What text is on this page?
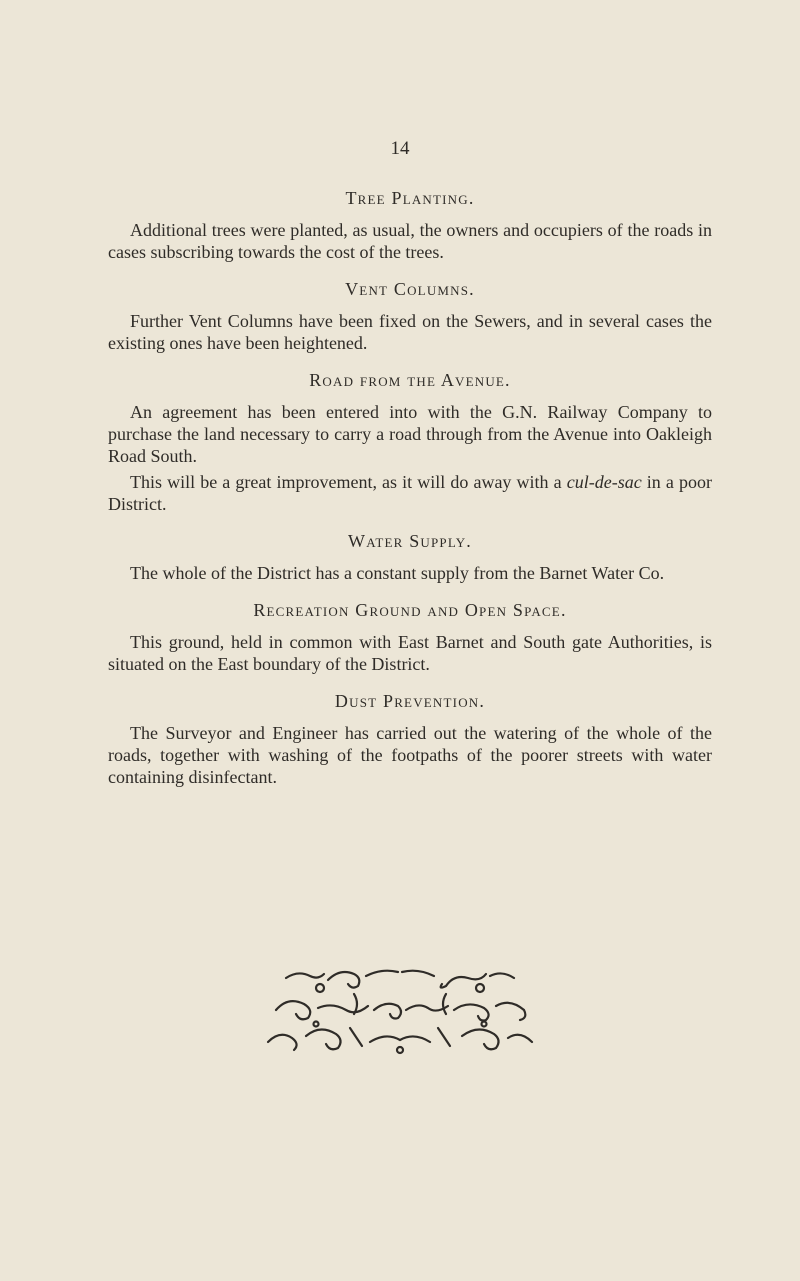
14
Tree Planting.

Additional trees were planted, as usual, the owners and occupiers of the roads in cases subscribing towards the cost of the trees.

Vent Columns.

Further Vent Columns have been fixed on the Sewers, and in several cases the existing ones have been heightened.

Road from the Avenue.

An agreement has been entered into with the G.N. Railway Company to purchase the land necessary to carry a road through from the Avenue into Oakleigh Road South.

This will be a great improvement, as it will do away with a cul-de-sac in a poor District.

Water Supply.

The whole of the District has a constant supply from the Barnet Water Co.

Recreation Ground and Open Space.

This ground, held in common with East Barnet and South gate Authorities, is situated on the East boundary of the District.

Dust Prevention.

The Surveyor and Engineer has carried out the watering of the whole of the roads, together with washing of the footpaths of the poorer streets with water containing disinfectant.
